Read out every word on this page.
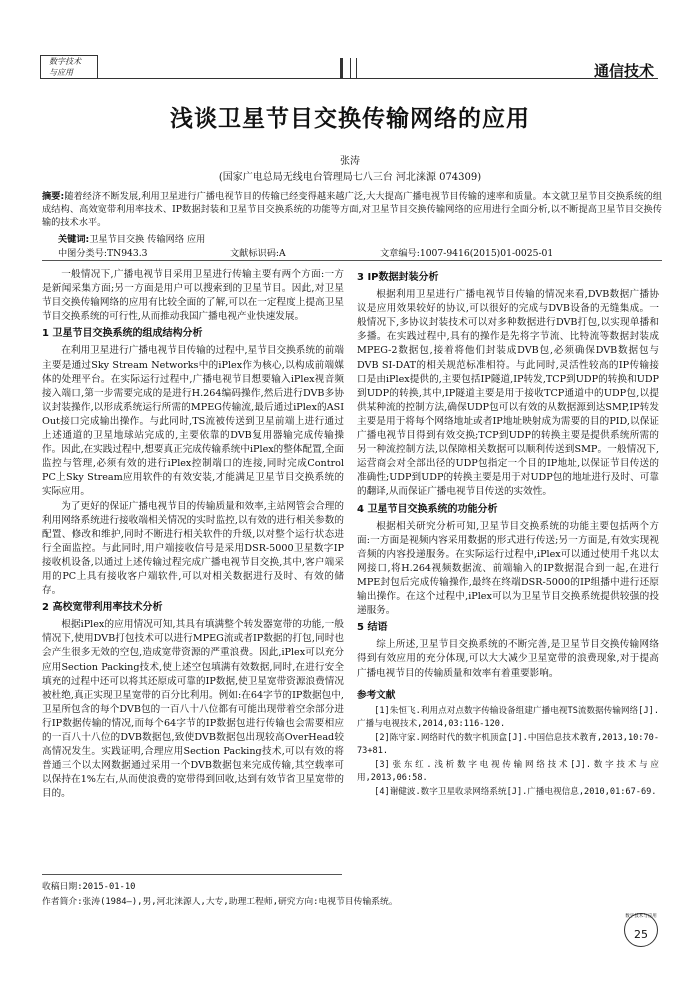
数字技术
与应用	通信技术
浅谈卫星节目交换传输网络的应用
张涛
(国家广电总局无线电台管理局七八三台 河北涞源 074309)
摘要:随着经济不断发展,利用卫星进行广播电视节目的传输已经变得越来越广泛,大大提高广播电视节目传输的速率和质量。本文就卫星节目交换系统的组成结构、高效宽带利用率技术、IP数据封装和卫星节目交换系统的功能等方面,对卫星节目交换传输网络的应用进行全面分析,以不断提高卫星节目交换传输的技术水平。
关键词:卫星节目交换 传输网络 应用
中图分类号:TN943.3	文献标识码:A	文章编号:1007-9416(2015)01-0025-01

一般情况下,广播电视节目采用卫星进行传输主要有两个方面:一方是新闻采集方面;另一方面是用户可以搜索到的卫星节目。因此,对卫星节目交换传输网络的应用有比较全面的了解,可以在一定程度上提高卫星节目交换系统的可行性,从而推动我国广播电视产业快速发展。

1 卫星节目交换系统的组成结构分析

在利用卫星进行广播电视节目传输的过程中,星节目交换系统的前端主要是通过Sky Stream Networks中的iPlex作为核心,以构成前端媒体的处理平台。在实际运行过程中,广播电视节目想要输入iPlex视音频接入端口,第一步需要完成的是进行H.264编码操作,然后进行DVB多协议封装操作,以形成系统运行所需的MPEG传输流,最后通过iPlex的ASI Out接口完成输出操作。与此同时,TS流被传送到卫星前端上进行通过上述通道的卫星地球站完成的,主要依靠的DVB复用器输完成传输操作。因此,在实践过程中,想要真正完成传输系统中iPlex的整体配置,全面监控与管理,必须有效的进行iPlex控制端口的连接,同时完成Control PC上Sky Stream应用软件的有效安装,才能满足卫星节目交换系统的实际应用。

为了更好的保证广播电视节目的传输质量和效率,主站网管会合理的利用网络系统进行接收端相关情况的实时监控,以有效的进行相关参数的配置、修改和维护,同时不断进行相关软件的升级,以对整个运行状态进行全面监控。与此同时,用户端接收信号是采用DSR-5000卫星数字IP接收机设备,以通过上述传输过程完成广播电视节目交换,其中,客户端采用的PC上具有接收客户端软件,可以对相关数据进行及时、有效的储存。

2 高校宽带利用率技术分析

根据iPlex的应用情况可知,其具有填满整个转发器宽带的功能,一般情况下,使用DVB打包技术可以进行MPEG流或者IP数据的打包,同时也会产生很多无效的空包,造成宽带资源的严重浪费。因此,iPlex可以充分应用Section Packing技术,使上述空包填满有效数据,同时,在进行安全填充的过程中还可以将其还原成可靠的IP数据,使卫星宽带资源浪费情况被杜绝,真正实现卫星宽带的百分比利用。例如:在64字节的IP数据包中,卫星所包含的每个DVB包的一百八十八位都有可能出现带着空余部分进行IP数据传输的情况,而每个64字节的IP数据包进行传输也会需要相应的一百八十八位的DVB数据包,致使DVB数据包出现较高OverHead较高情况发生。实践证明,合理应用Section Packing技术,可以有效的将普通三个以太网数据通过采用一个DVB数据包来完成传输,其空载率可以保持在1%左右,从而使浪费的宽带得到回收,达到有效节省卫星宽带的目的。

3 IP数据封装分析

根据利用卫星进行广播电视节目传输的情况来看,DVB数据广播协议是应用效果较好的协议,可以很好的完成与DVB设备的无缝集成。一般情况下,多协议封装技术可以对多种数据进行DVB打包,以实现单播和多播。在实践过程中,具有的操作是先将字节流、比特流等数据封装成MPEG-2数据包,接着将他们封装成DVB包,必须确保DVB数据包与DVB SI-DAT的相关规范标准相符。与此同时,灵活性较高的IP传输接口是由iPlex提供的,主要包括IP隧道,IP转发,TCP到UDP的转换和UDP到UDP的转换,其中,IP隧道主要是用于接收TCP通道中的UDP包,以提供某种流的控制方法,确保UDP包可以有效的从数据源到达SMP,IP转发主要是用于将每个网络地址或者IP地址映射成为需要的目的PID,以保证广播电视节目得到有效交换;TCP到UDP的转换主要是提供系统所需的另一种流控制方法,以保障相关数据可以顺利传送到SMP。一般情况下,运营商会对全部出径的UDP包指定一个目的IP地址,以保证节目传送的准确性;UDP到UDP的转换主要是用于对UDP包的地址进行及时、可靠的翻译,从而保证广播电视节目传送的实效性。

4 卫星节目交换系统的功能分析

根据相关研究分析可知,卫星节目交换系统的功能主要包括两个方面:一方面是视频内容采用数据的形式进行传送;另一方面是,有效实现视音频的内容投递服务。在实际运行过程中,iPlex可以通过使用千兆以太网接口,将H.264视频数据流、前端输入的IP数据混合到一起,在进行MPE封包后完成传输操作,最终在终端DSR-5000的IP组播中进行还原输出操作。在这个过程中,iPlex可以为卫星节目交换系统提供较强的投递服务。

5 结语

综上所述,卫星节目交换系统的不断完善,是卫星节目交换传输网络得到有效应用的充分体现,可以大大减少卫星宽带的浪费现象,对于提高广播电视节目的传输质量和效率有着重要影响。

参考文献

[1]朱恒飞.利用点对点数字传输设备组建广播电视TS流数据传输网络[J].广播与电视技术,2014,03:116-120.

[2]陈守家.网络时代的数字机顶盒[J].中国信息技术教育,2013,10:70-73+81.

[3]张东红.浅析数字电视传输网络技术[J].数字技术与应用,2013,06:58.

[4]谢健波.数字卫星收录网络系统[J].广播电视信息,2010,01:67-69.

收稿日期:2015-01-10
作者简介:张涛(1984—),男,河北涞源人,大专,助理工程师,研究方向:电视节目传输系统。
25
数字技术与应用
